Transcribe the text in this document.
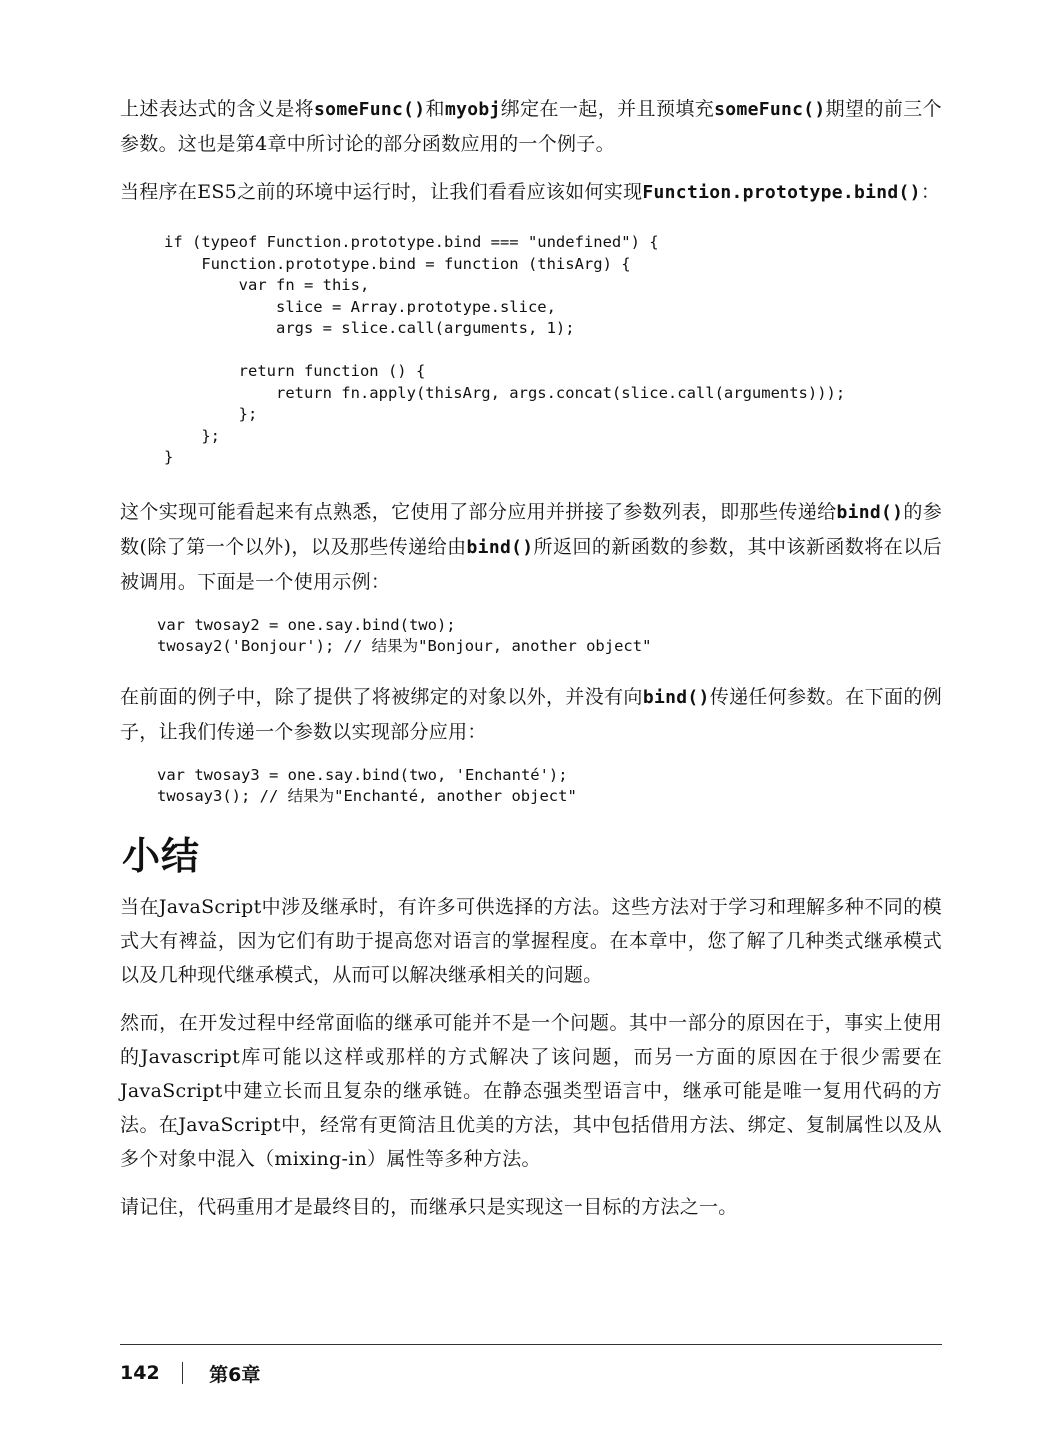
上述表达式的含义是将someFunc()和myobj绑定在一起，并且预填充someFunc()期望的前三个参数。这也是第4章中所讨论的部分函数应用的一个例子。

当程序在ES5之前的环境中运行时，让我们看看应该如何实现Function.prototype.bind()：

if (typeof Function.prototype.bind === "undefined") {
Function.prototype.bind = function (thisArg) {
var fn = this,
slice = Array.prototype.slice,
args = slice.call(arguments, 1);

return function () {
return fn.apply(thisArg, args.concat(slice.call(arguments)));
};
};
}

这个实现可能看起来有点熟悉，它使用了部分应用并拼接了参数列表，即那些传递给bind()的参数(除了第一个以外)，以及那些传递给由bind()所返回的新函数的参数，其中该新函数将在以后被调用。下面是一个使用示例：

var twosay2 = one.say.bind(two);
twosay2('Bonjour'); // 结果为"Bonjour, another object"

在前面的例子中，除了提供了将被绑定的对象以外，并没有向bind()传递任何参数。在下面的例子，让我们传递一个参数以实现部分应用：

var twosay3 = one.say.bind(two, 'Enchanté');
twosay3(); // 结果为"Enchanté, another object"
小结

当在JavaScript中涉及继承时，有许多可供选择的方法。这些方法对于学习和理解多种不同的模式大有裨益，因为它们有助于提高您对语言的掌握程度。在本章中，您了解了几种类式继承模式以及几种现代继承模式，从而可以解决继承相关的问题。

然而，在开发过程中经常面临的继承可能并不是一个问题。其中一部分的原因在于，事实上使用的Javascript库可能以这样或那样的方式解决了该问题，而另一方面的原因在于很少需要在JavaScript中建立长而且复杂的继承链。在静态强类型语言中，继承可能是唯一复用代码的方法。在JavaScript中，经常有更简洁且优美的方法，其中包括借用方法、绑定、复制属性以及从多个对象中混入（mixing-in）属性等多种方法。

请记住，代码重用才是最终目的，而继承只是实现这一目标的方法之一。

142	第6章
